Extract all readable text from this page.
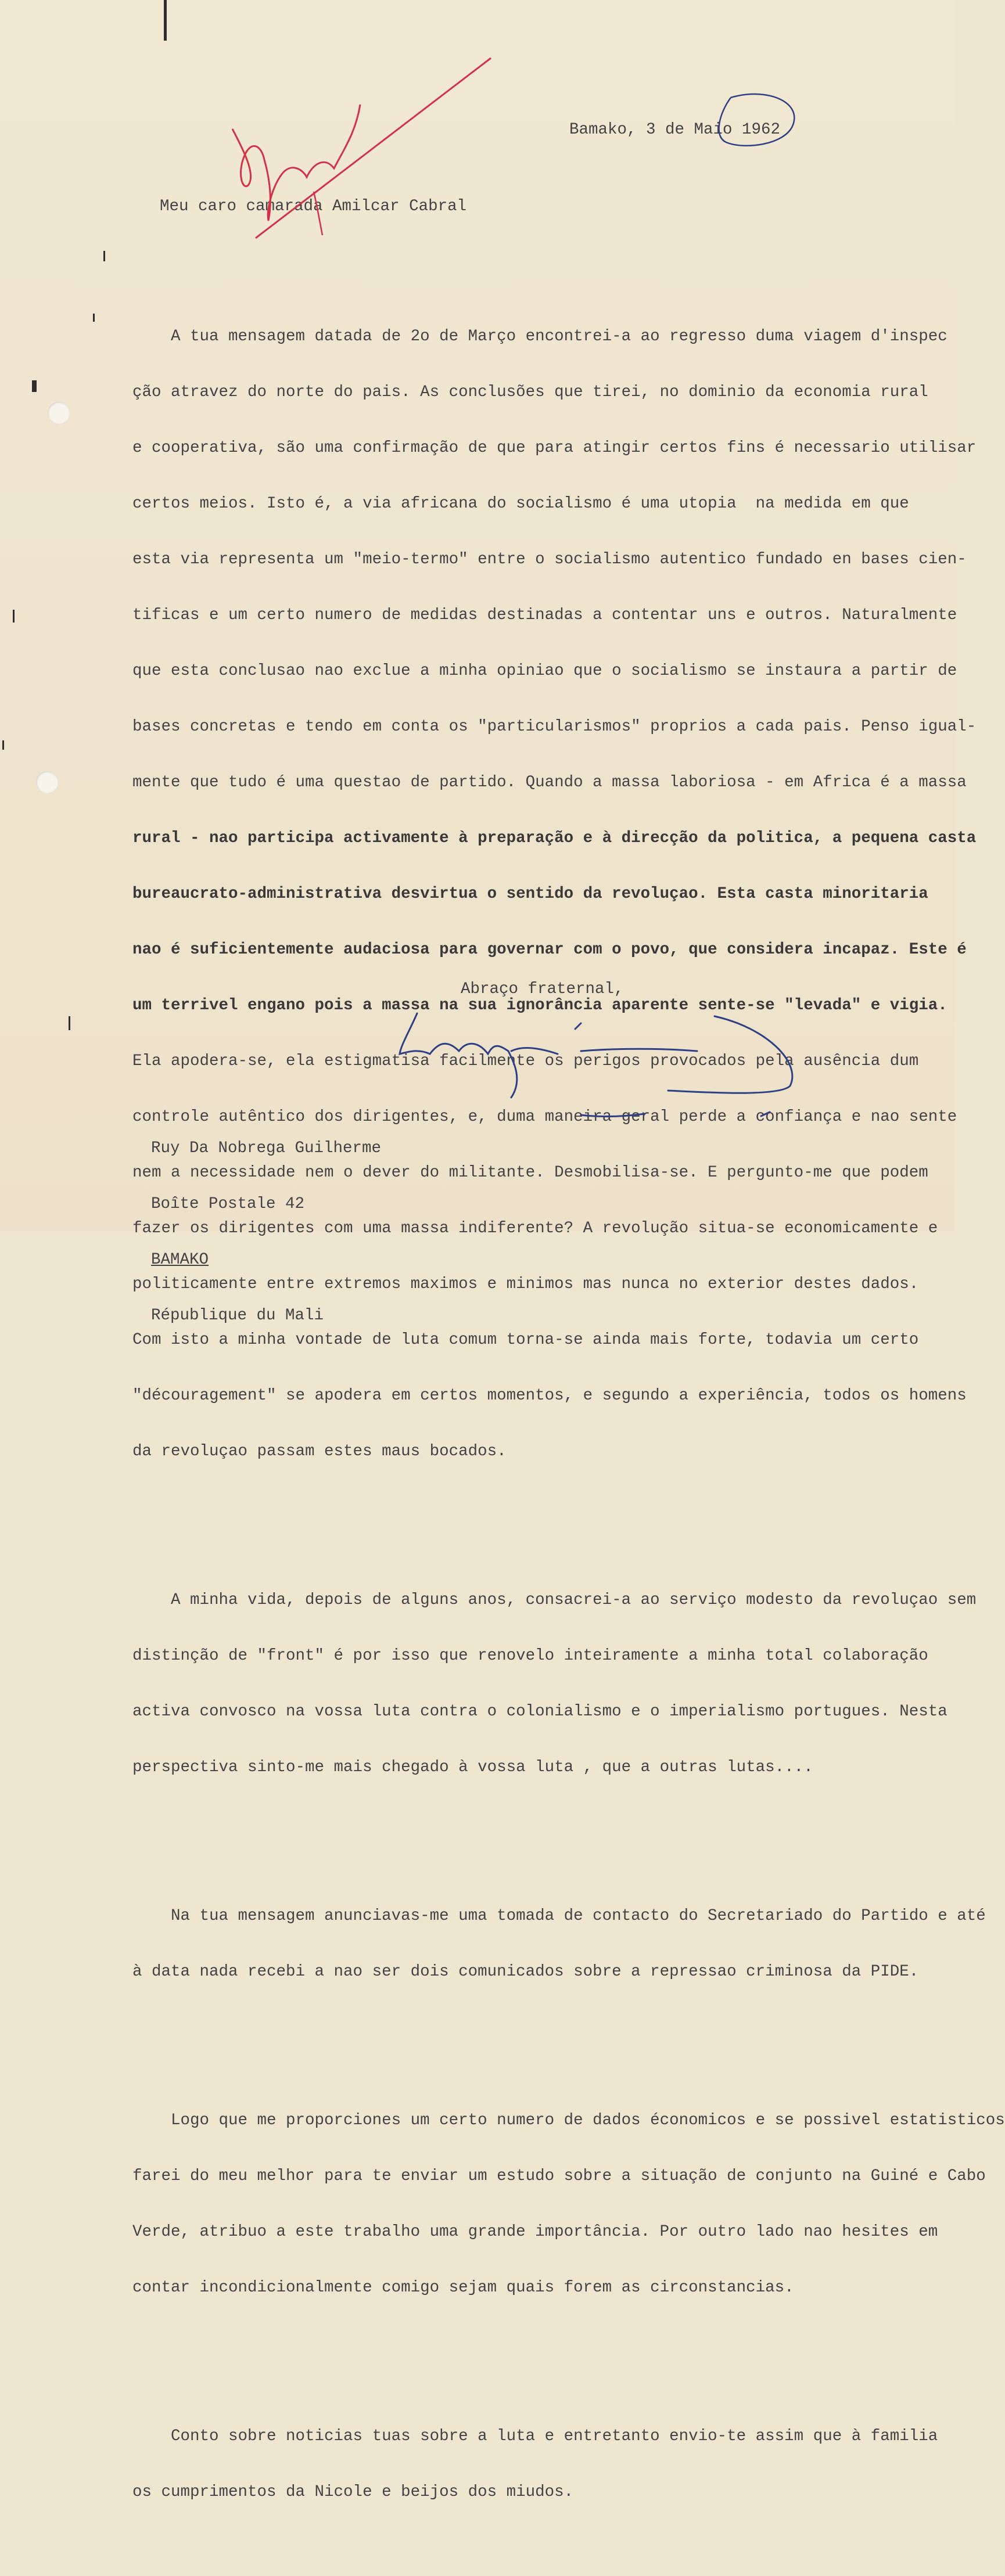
Bamako, 3 de Maio 1962
Meu caro camarada Amilcar Cabral

A tua mensagem datada de 2o de Março encontrei-a ao regresso duma viagem d'inspec

ção atravez do norte do pais. As conclusões que tirei, no dominio da economia rural

e cooperativa, são uma confirmação de que para atingir certos fins é necessario utilisar

certos meios. Isto é, a via africana do socialismo é uma utopia  na medida em que

esta via representa um "meio-termo" entre o socialismo autentico fundado en bases cien-

tificas e um certo numero de medidas destinadas a contentar uns e outros. Naturalmente

que esta conclusao nao exclue a minha opiniao que o socialismo se instaura a partir de

bases concretas e tendo em conta os "particularismos" proprios a cada pais. Penso igual-

mente que tudo é uma questao de partido. Quando a massa laboriosa - em Africa é a massa

rural - nao participa activamente à preparação e à direcção da politica, a pequena casta

bureaucrato-administrativa desvirtua o sentido da revoluçao. Esta casta minoritaria

nao é suficientemente audaciosa para governar com o povo, que considera incapaz. Este é

um terrivel engano pois a massa na sua ignorância aparente sente-se "levada" e vigia.

Ela apodera-se, ela estigmatisa facilmente os perigos provocados pela ausência dum

controle autêntico dos dirigentes, e, duma maneira geral perde a confiança e nao sente

nem a necessidade nem o dever do militante. Desmobilisa-se. E pergunto-me que podem

fazer os dirigentes com uma massa indiferente? A revolução situa-se economicamente e

politicamente entre extremos maximos e minimos mas nunca no exterior destes dados.

Com isto a minha vontade de luta comum torna-se ainda mais forte, todavia um certo

"découragement" se apodera em certos momentos, e segundo a experiência, todos os homens

da revoluçao passam estes maus bocados.

A minha vida, depois de alguns anos, consacrei-a ao serviço modesto da revoluçao sem

distinção de "front" é por isso que renovelo inteiramente a minha total colaboração

activa convosco na vossa luta contra o colonialismo e o imperialismo portugues. Nesta

perspectiva sinto-me mais chegado à vossa luta , que a outras lutas....

Na tua mensagem anunciavas-me uma tomada de contacto do Secretariado do Partido e até

à data nada recebi a nao ser dois comunicados sobre a repressao criminosa da PIDE.

Logo que me proporciones um certo numero de dados économicos e se possivel estatisticos

farei do meu melhor para te enviar um estudo sobre a situação de conjunto na Guiné e Cabo

Verde, atribuo a este trabalho uma grande importância. Por outro lado nao hesites em

contar incondicionalmente comigo sejam quais forem as circonstancias.

Conto sobre noticias tuas sobre a luta e entretanto envio-te assim que à familia

os cumprimentos da Nicole e beijos dos miudos.

Abraço fraternal,

Ruy Da Nobrega Guilherme

Boîte Postale 42

BAMAKO

République du Mali
